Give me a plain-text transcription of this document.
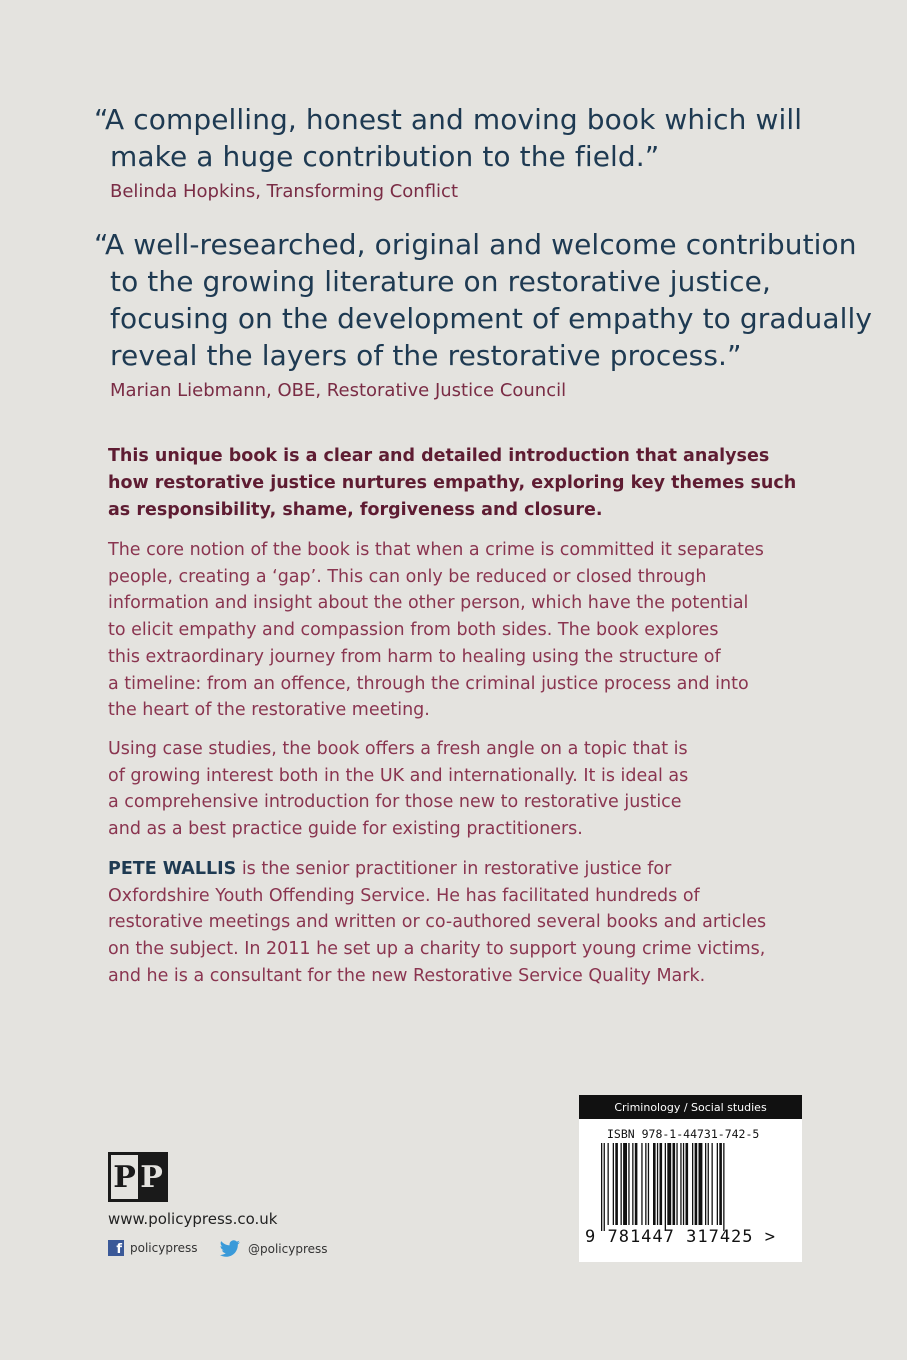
“A compelling, honest and moving book which will
make a huge contribution to the field.”
Belinda Hopkins, Transforming Conflict
“A well-researched, original and welcome contribution
to the growing literature on restorative justice,
focusing on the development of empathy to gradually
reveal the layers of the restorative process.”
Marian Liebmann, OBE, Restorative Justice Council
This unique book is a clear and detailed introduction that analyses
how restorative justice nurtures empathy, exploring key themes such
as responsibility, shame, forgiveness and closure.
The core notion of the book is that when a crime is committed it separates
people, creating a ‘gap’. This can only be reduced or closed through
information and insight about the other person, which have the potential
to elicit empathy and compassion from both sides. The book explores
this extraordinary journey from harm to healing using the structure of
a timeline: from an offence, through the criminal justice process and into
the heart of the restorative meeting.
Using case studies, the book offers a fresh angle on a topic that is
of growing interest both in the UK and internationally. It is ideal as
a comprehensive introduction for those new to restorative justice
and as a best practice guide for existing practitioners.
PETE WALLIS is the senior practitioner in restorative justice for
Oxfordshire Youth Offending Service. He has facilitated hundreds of
restorative meetings and written or co-authored several books and articles
on the subject. In 2011 he set up a charity to support young crime victims,
and he is a consultant for the new Restorative Service Quality Mark.
P P
www.policypress.co.uk
f policypress	@policypress
Criminology / Social studies
ISBN 978-1-44731-742-5
9 781447 317425 >
